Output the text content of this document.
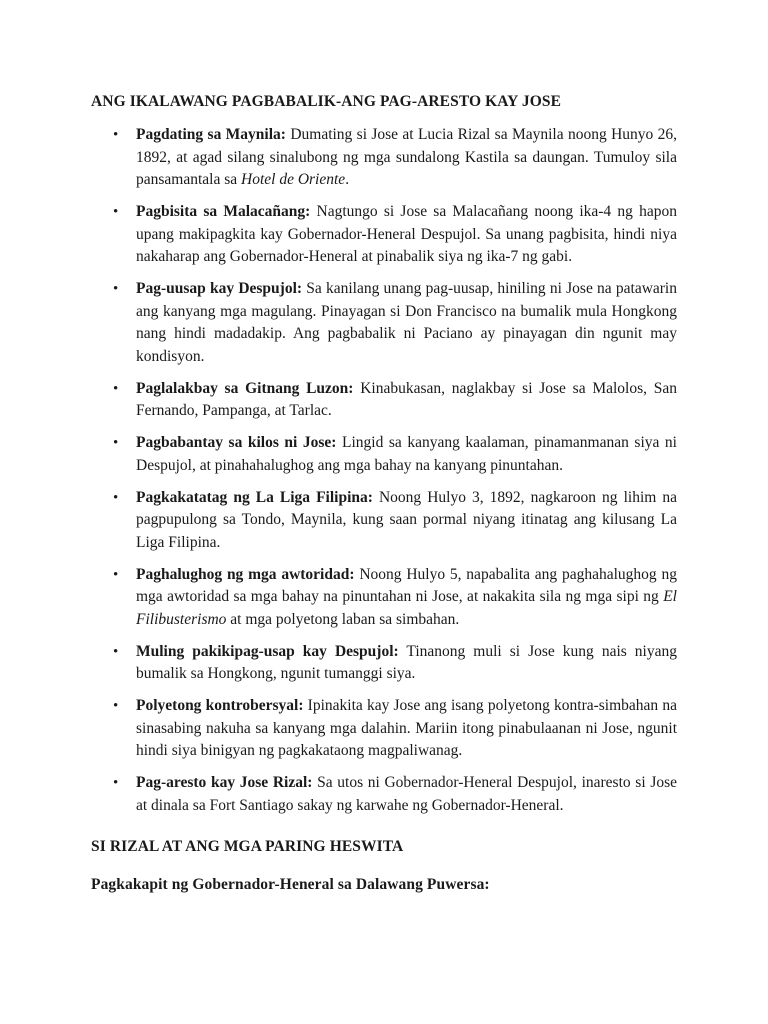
ANG IKALAWANG PAGBABALIK-ANG PAG-ARESTO KAY JOSE
• Pagdating sa Maynila: Dumating si Jose at Lucia Rizal sa Maynila noong Hunyo 26, 1892, at agad silang sinalubong ng mga sundalong Kastila sa daungan. Tumuloy sila pansamantala sa Hotel de Oriente.
• Pagbisita sa Malacañang: Nagtungo si Jose sa Malacañang noong ika-4 ng hapon upang makipagkita kay Gobernador-Heneral Despujol. Sa unang pagbisita, hindi niya nakaharap ang Gobernador-Heneral at pinabalik siya ng ika-7 ng gabi.
• Pag-uusap kay Despujol: Sa kanilang unang pag-uusap, hiniling ni Jose na patawarin ang kanyang mga magulang. Pinayagan si Don Francisco na bumalik mula Hongkong nang hindi madadakip. Ang pagbabalik ni Paciano ay pinayagan din ngunit may kondisyon.
• Paglalakbay sa Gitnang Luzon: Kinabukasan, naglakbay si Jose sa Malolos, San Fernando, Pampanga, at Tarlac.
• Pagbabantay sa kilos ni Jose: Lingid sa kanyang kaalaman, pinamanmanan siya ni Despujol, at pinahahalughog ang mga bahay na kanyang pinuntahan.
• Pagkakatatag ng La Liga Filipina: Noong Hulyo 3, 1892, nagkaroon ng lihim na pagpupulong sa Tondo, Maynila, kung saan pormal niyang itinatag ang kilusang La Liga Filipina.
• Paghalughog ng mga awtoridad: Noong Hulyo 5, napabalita ang paghahalughog ng mga awtoridad sa mga bahay na pinuntahan ni Jose, at nakakita sila ng mga sipi ng El Filibusterismo at mga polyetong laban sa simbahan.
• Muling pakikipag-usap kay Despujol: Tinanong muli si Jose kung nais niyang bumalik sa Hongkong, ngunit tumanggi siya.
• Polyetong kontrobersyal: Ipinakita kay Jose ang isang polyetong kontra-simbahan na sinasabing nakuha sa kanyang mga dalahin. Mariin itong pinabulaanan ni Jose, ngunit hindi siya binigyan ng pagkakataong magpaliwanag.
• Pag-aresto kay Jose Rizal: Sa utos ni Gobernador-Heneral Despujol, inaresto si Jose at dinala sa Fort Santiago sakay ng karwahe ng Gobernador-Heneral.
SI RIZAL AT ANG MGA PARING HESWITA
Pagkakapit ng Gobernador-Heneral sa Dalawang Puwersa:
